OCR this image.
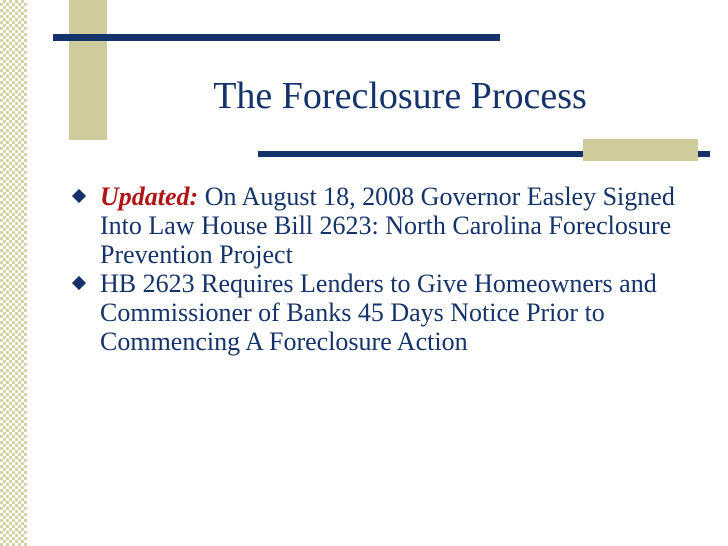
The Foreclosure Process
Updated: On August 18, 2008 Governor Easley Signed Into Law House Bill 2623: North Carolina Foreclosure Prevention Project
HB 2623 Requires Lenders to Give Homeowners and Commissioner of Banks 45 Days Notice Prior to Commencing A Foreclosure Action
